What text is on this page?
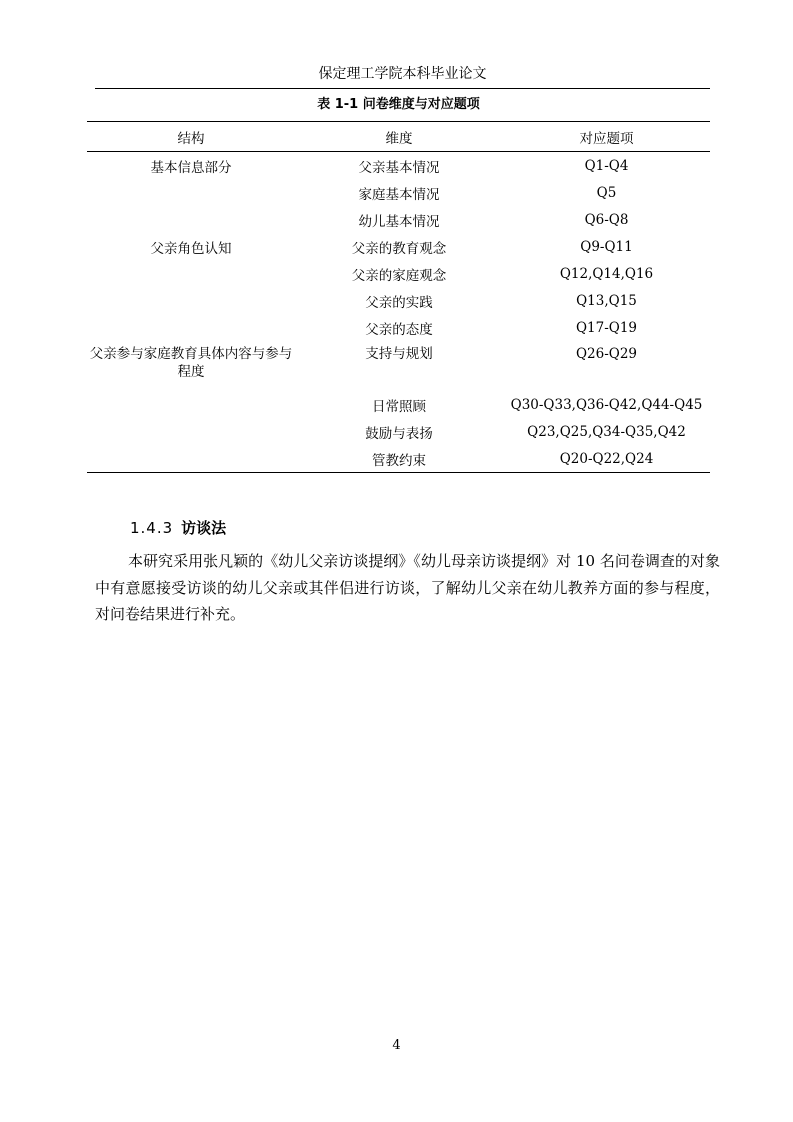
保定理工学院本科毕业论文
表 1-1 问卷维度与对应题项
结构	维度	对应题项
基本信息部分	父亲基本情况	Q1-Q4
	家庭基本情况	Q5
	幼儿基本情况	Q6-Q8
父亲角色认知	父亲的教育观念	Q9-Q11
	父亲的家庭观念	Q12,Q14,Q16
	父亲的实践	Q13,Q15
	父亲的态度	Q17-Q19
父亲参与家庭教育具体内容与参与程度	支持与规划	Q26-Q29
	日常照顾	Q30-Q33,Q36-Q42,Q44-Q45
	鼓励与表扬	Q23,Q25,Q34-Q35,Q42
	管教约束	Q20-Q22,Q24
1.4.3 访谈法

本研究采用张凡颖的《幼儿父亲访谈提纲》《幼儿母亲访谈提纲》对 10 名问卷调查的对象中有意愿接受访谈的幼儿父亲或其伴侣进行访谈，了解幼儿父亲在幼儿教养方面的参与程度，对问卷结果进行补充。

4
